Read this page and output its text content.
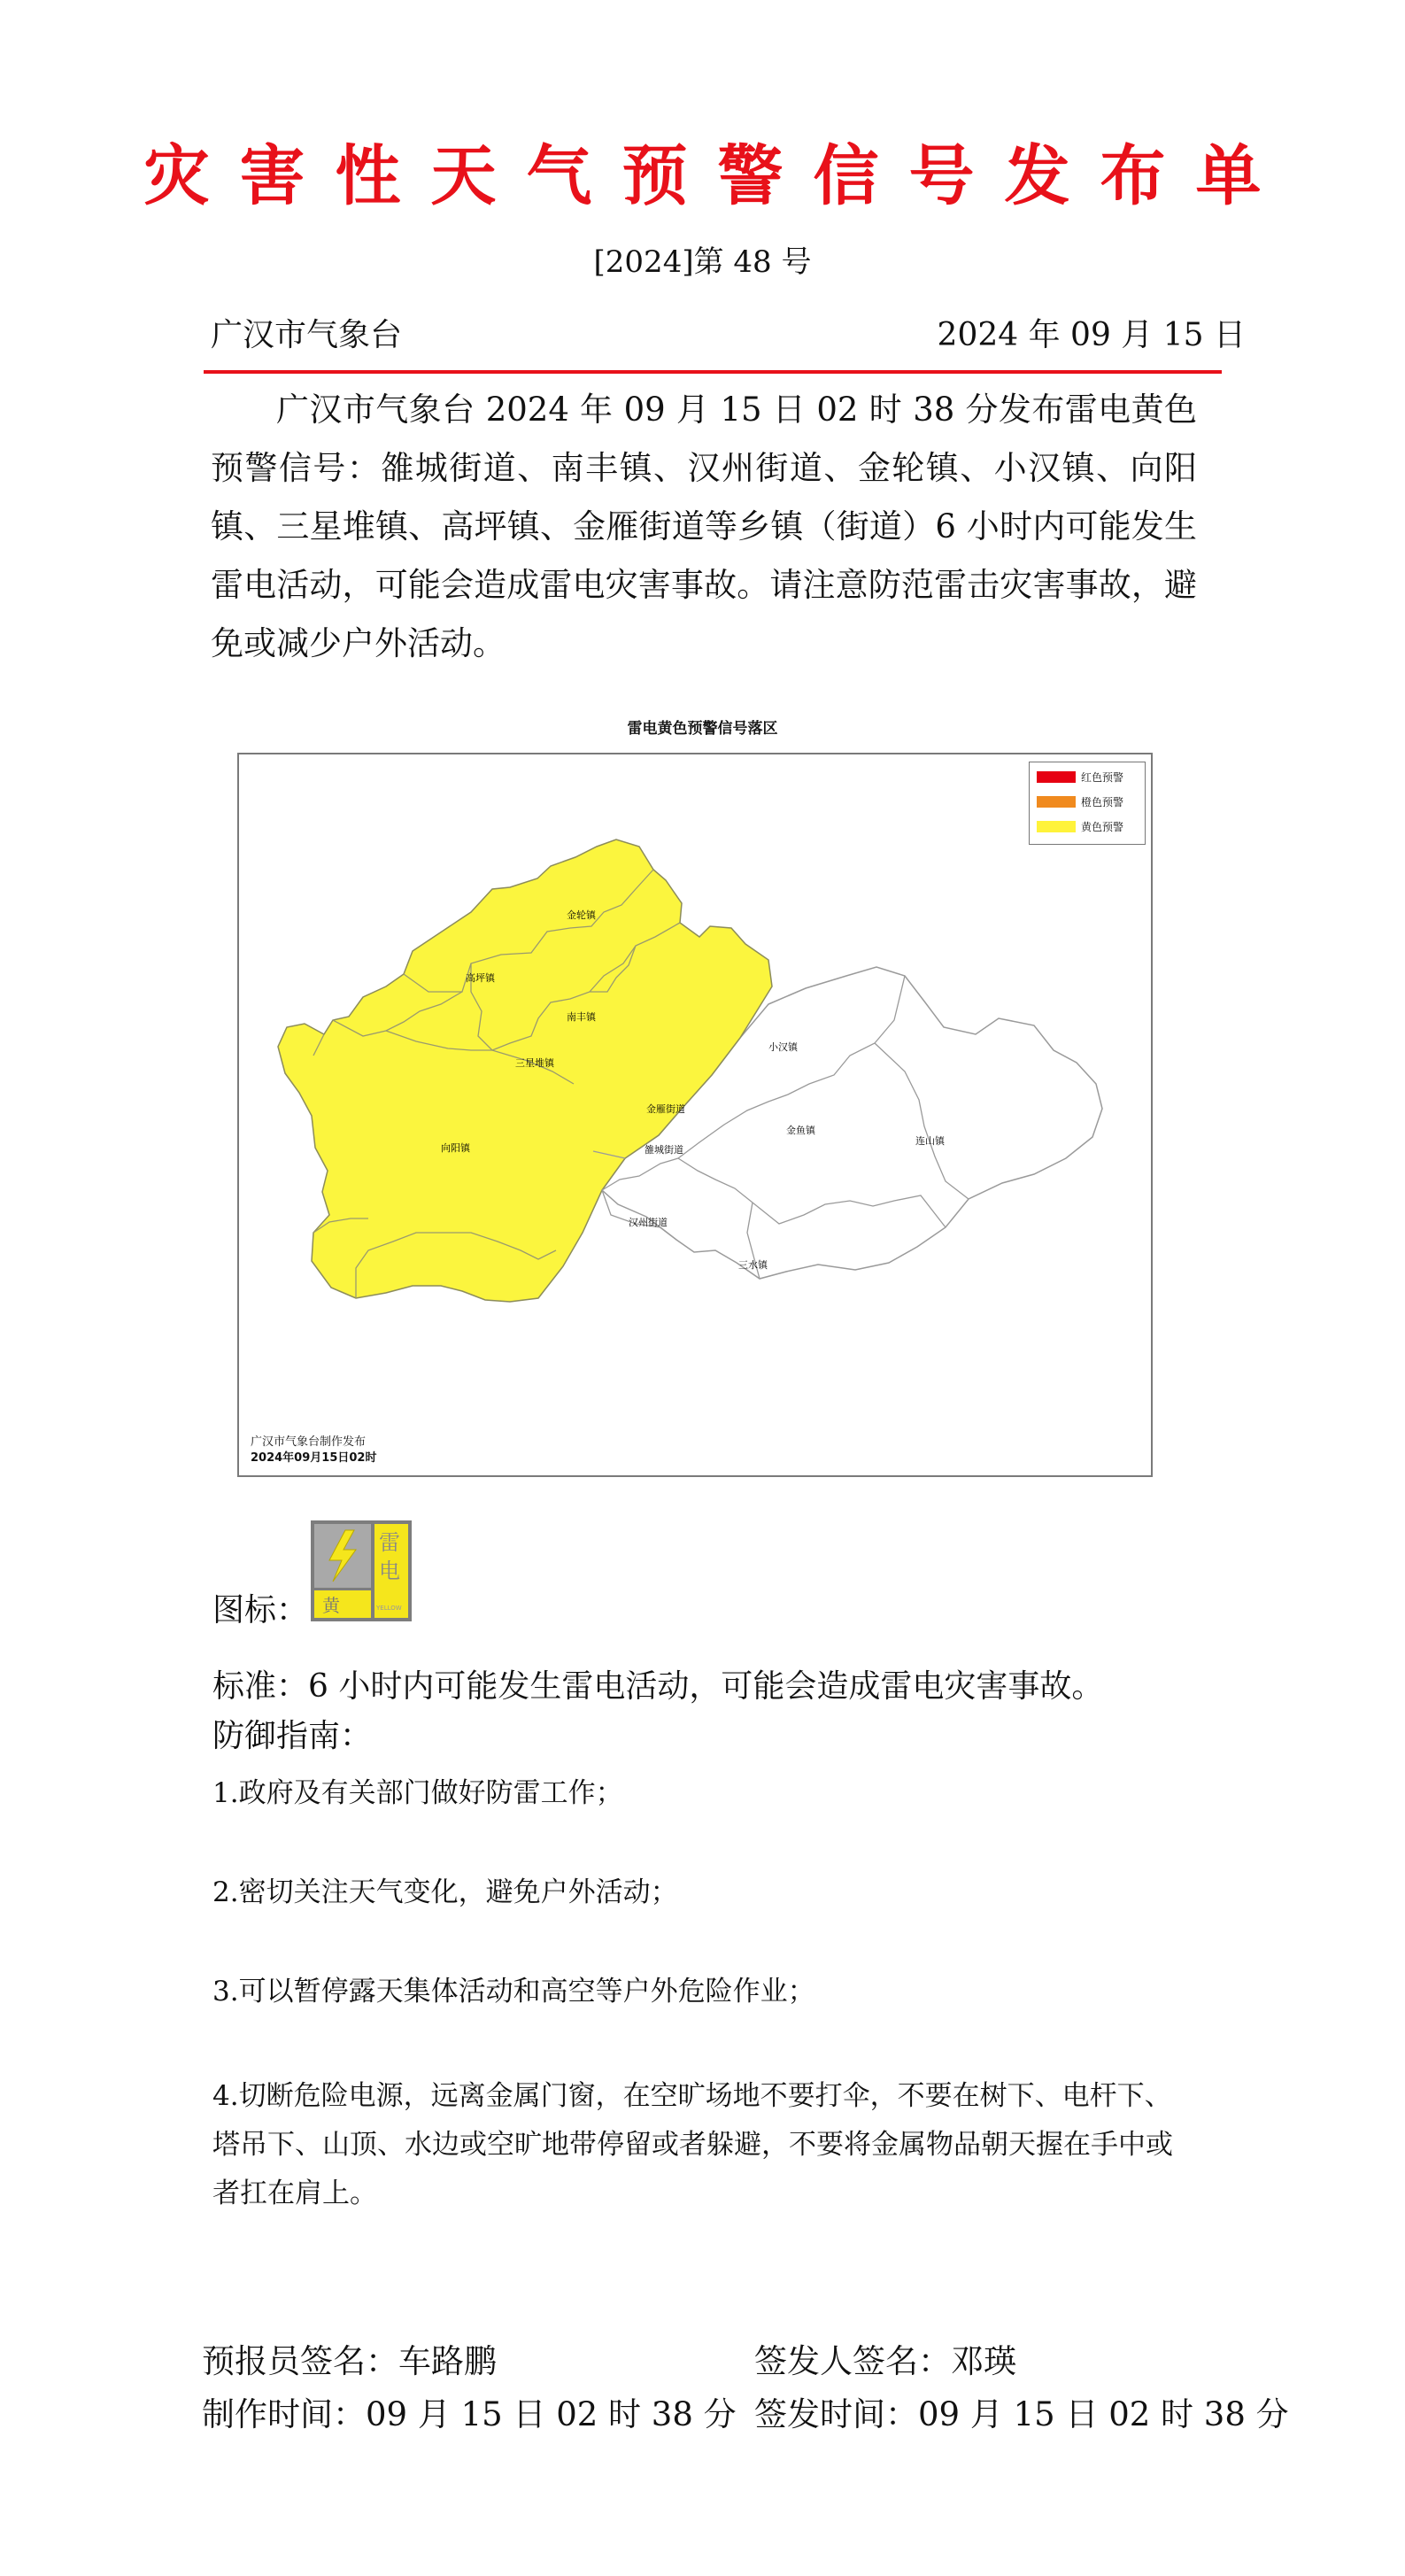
灾害性天气预警信号发布单
[2024]第 48 号
广汉市气象台	2024 年 09 月 15 日
广汉市气象台 2024 年 09 月 15 日 02 时 38 分发布雷电黄色预警信号：雒城街道、南丰镇、汉州街道、金轮镇、小汉镇、向阳镇、三星堆镇、高坪镇、金雁街道等乡镇（街道）6 小时内可能发生雷电活动，可能会造成雷电灾害事故。请注意防范雷击灾害事故，避免或减少户外活动。
雷电黄色预警信号落区
金轮镇
高坪镇
南丰镇
三星堆镇
向阳镇
小汉镇
金雁街道
雒城街道
金鱼镇
连山镇
汉州街道
三水镇
红色预警
橙色预警
黄色预警
广汉市气象台制作发布
2024年09月15日02时
图标： 黄
雷
电
YELLOW
标准：6 小时内可能发生雷电活动，可能会造成雷电灾害事故。
防御指南：
1.政府及有关部门做好防雷工作；
2.密切关注天气变化，避免户外活动；
3.可以暂停露天集体活动和高空等户外危险作业；
4.切断危险电源，远离金属门窗，在空旷场地不要打伞，不要在树下、电杆下、塔吊下、山顶、水边或空旷地带停留或者躲避，不要将金属物品朝天握在手中或者扛在肩上。
预报员签名：车路鹏	签发人签名：邓瑛
制作时间：09 月 15 日 02 时 38 分 签发时间：09 月 15 日 02 时 38 分
